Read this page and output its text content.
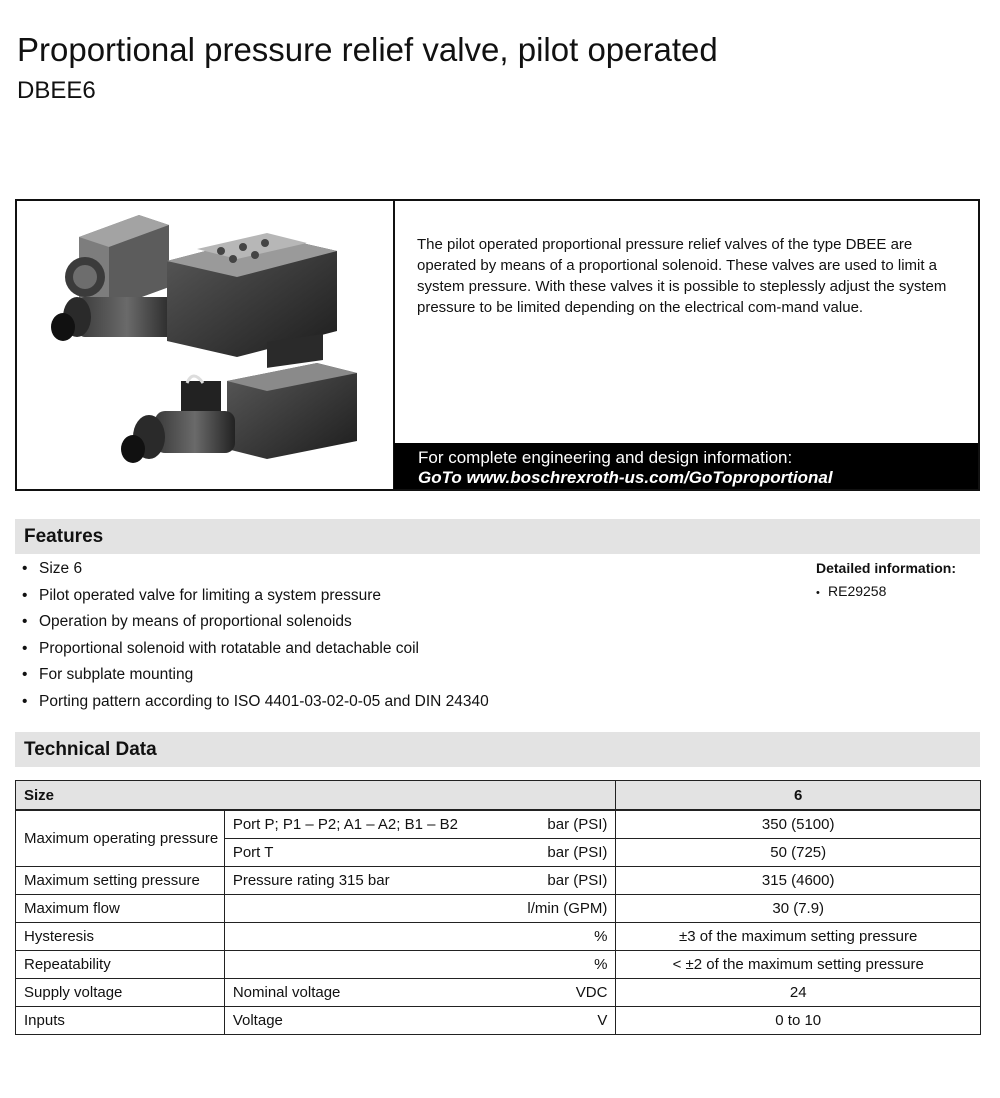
Proportional pressure relief valve, pilot operated
DBEE6
The pilot operated proportional pressure relief valves of the type DBEE are operated by means of a proportional solenoid. These valves are used to limit a system pressure. With these valves it is possible to steplessly adjust the system pressure to be limited depending on the electrical com-mand value.
For complete engineering and design information:
GoTo www.boschrexroth-us.com/GoToproportional
Features
• Size 6
• Pilot operated valve for limiting a system pressure
• Operation by means of proportional solenoids
• Proportional solenoid with rotatable and detachable coil
• For subplate mounting
• Porting pattern according to ISO 4401-03-02-0-05 and DIN 24340
Detailed information:
• RE29258
Technical Data
Size			6
Maximum operating pressure	Port P; P1 – P2; A1 – A2; B1 – B2	bar (PSI)	350 (5100)
	Port T	bar (PSI)	50 (725)
Maximum setting pressure	Pressure rating 315 bar	bar (PSI)	315 (4600)
Maximum flow		l/min (GPM)	30 (7.9)
Hysteresis		%	±3 of the maximum setting pressure
Repeatability		%	< ±2 of the maximum setting pressure
Supply voltage	Nominal voltage	VDC	24
Inputs	Voltage	V	0 to 10
